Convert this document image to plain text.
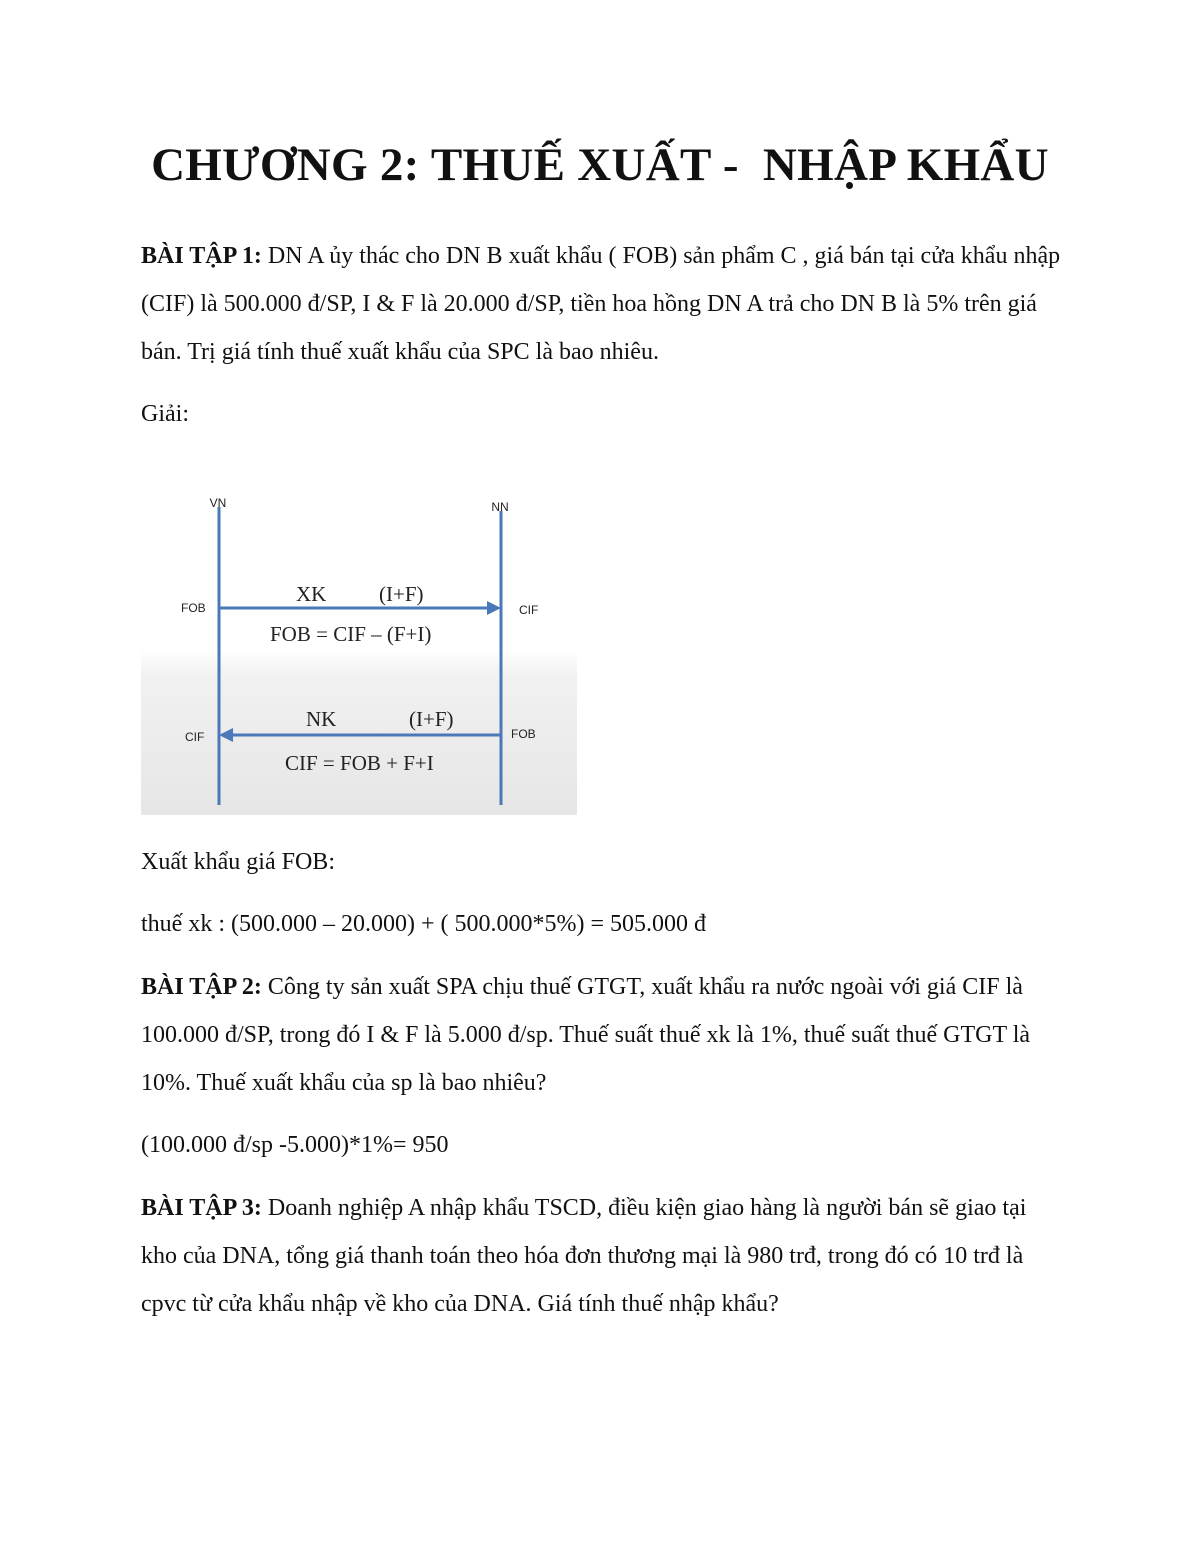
CHƯƠNG 2: THUẾ XUẤT -  NHẬP KHẨU

BÀI TẬP 1: DN A ủy thác cho DN B xuất khẩu ( FOB) sản phẩm C , giá bán tại cửa khẩu nhập (CIF) là 500.000 đ/SP, I & F là 20.000 đ/SP, tiền hoa hồng DN A trả cho DN B là 5% trên giá bán. Trị giá tính thuế xuất khẩu của SPC là bao nhiêu.

Giải:
VN	NN
FOB	CIF
XK	(I+F)
FOB = CIF – (F+I)
CIF	FOB
NK	(I+F)
CIF = FOB + F+I
Xuất khẩu giá FOB:
thuế xk : (500.000 – 20.000) + ( 500.000*5%) = 505.000 đ

BÀI TẬP 2: Công ty sản xuất SPA chịu thuế GTGT, xuất khẩu ra nước ngoài với giá CIF là 100.000 đ/SP, trong đó I & F là 5.000 đ/sp. Thuế suất thuế xk là 1%, thuế suất thuế GTGT là 10%. Thuế xuất khẩu của sp là bao nhiêu?

(100.000 đ/sp -5.000)*1%= 950

BÀI TẬP 3: Doanh nghiệp A nhập khẩu TSCD, điều kiện giao hàng là người bán sẽ giao tại kho của DNA, tổng giá thanh toán theo hóa đơn thương mại là 980 trđ, trong đó có 10 trđ là cpvc từ cửa khẩu nhập về kho của DNA. Giá tính thuế nhập khẩu?
